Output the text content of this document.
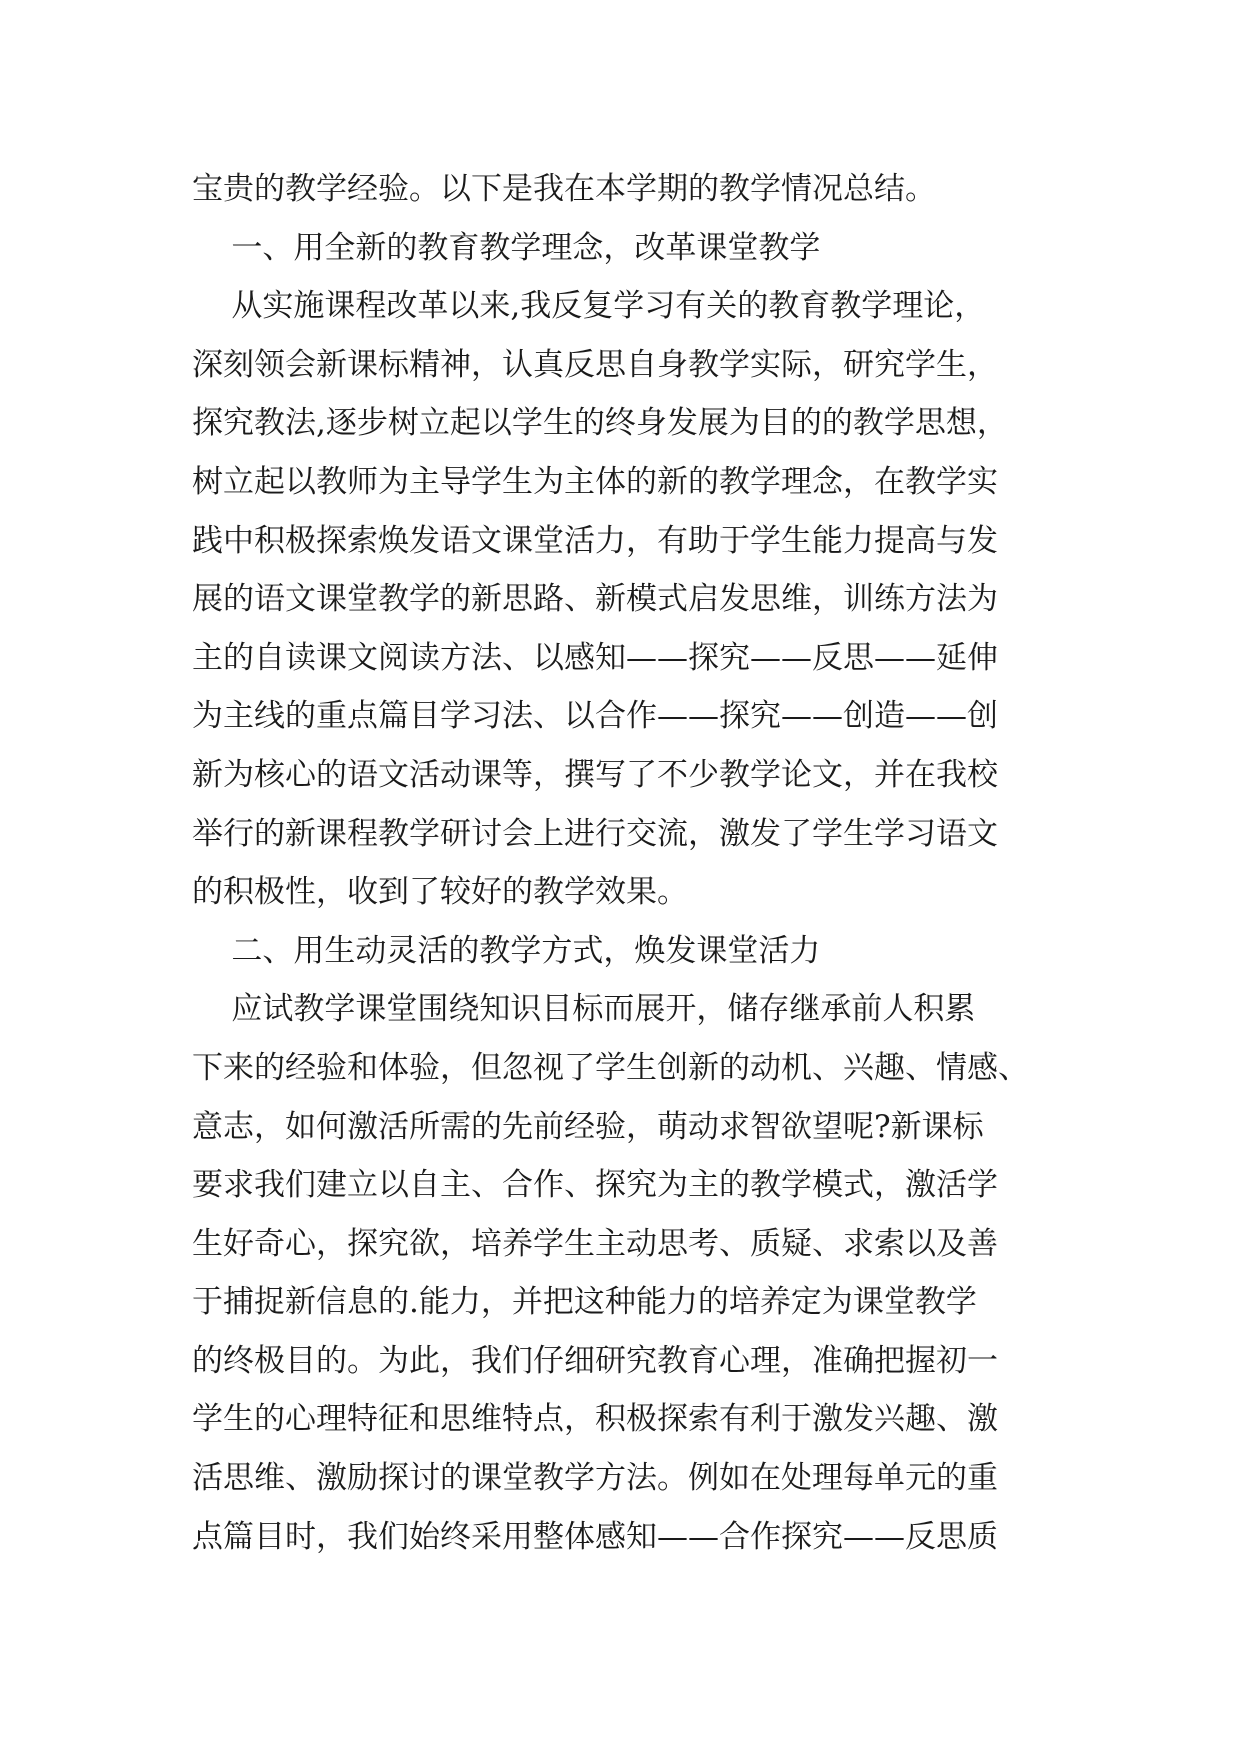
宝贵的教学经验。以下是我在本学期的教学情况总结。
一、用全新的教育教学理念，改革课堂教学
从实施课程改革以来,我反复学习有关的教育教学理论，
深刻领会新课标精神，认真反思自身教学实际，研究学生，
探究教法,逐步树立起以学生的终身发展为目的的教学思想，
树立起以教师为主导学生为主体的新的教学理念，在教学实
践中积极探索焕发语文课堂活力，有助于学生能力提高与发
展的语文课堂教学的新思路、新模式启发思维，训练方法为
主的自读课文阅读方法、以感知——探究——反思——延伸
为主线的重点篇目学习法、以合作——探究——创造——创
新为核心的语文活动课等，撰写了不少教学论文，并在我校
举行的新课程教学研讨会上进行交流，激发了学生学习语文
的积极性，收到了较好的教学效果。
二、用生动灵活的教学方式，焕发课堂活力
应试教学课堂围绕知识目标而展开，储存继承前人积累
下来的经验和体验，但忽视了学生创新的动机、兴趣、情感、
意志，如何激活所需的先前经验，萌动求智欲望呢?新课标
要求我们建立以自主、合作、探究为主的教学模式，激活学
生好奇心，探究欲，培养学生主动思考、质疑、求索以及善
于捕捉新信息的.能力，并把这种能力的培养定为课堂教学
的终极目的。为此，我们仔细研究教育心理，准确把握初一
学生的心理特征和思维特点，积极探索有利于激发兴趣、激
活思维、激励探讨的课堂教学方法。例如在处理每单元的重
点篇目时，我们始终采用整体感知——合作探究——反思质
